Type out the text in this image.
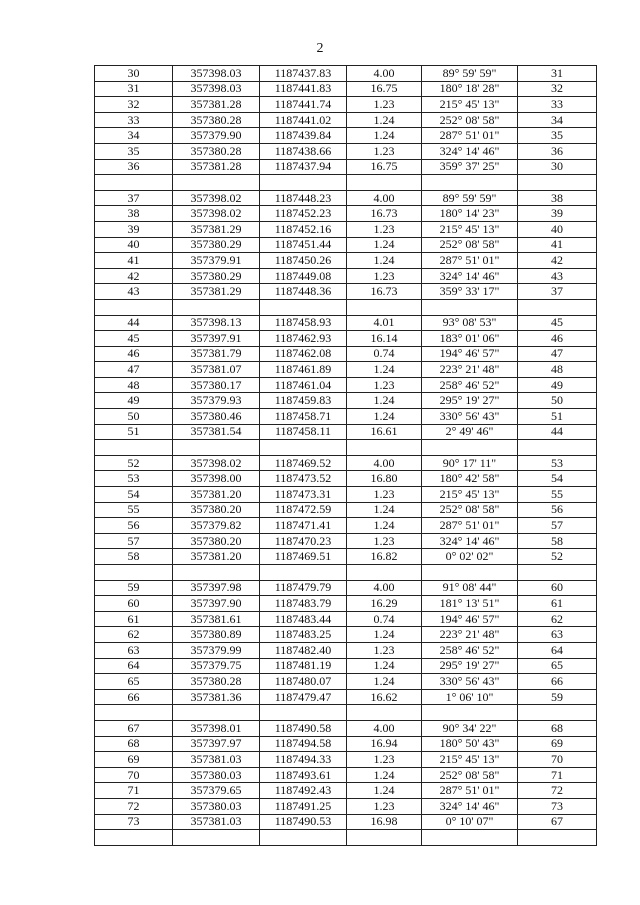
2
30	357398.03	1187437.83	4.00	89° 59' 59"	31
31	357398.03	1187441.83	16.75	180° 18' 28"	32
32	357381.28	1187441.74	1.23	215° 45' 13"	33
33	357380.28	1187441.02	1.24	252° 08' 58"	34
34	357379.90	1187439.84	1.24	287° 51' 01"	35
35	357380.28	1187438.66	1.23	324° 14' 46"	36
36	357381.28	1187437.94	16.75	359° 37' 25"	30

37	357398.02	1187448.23	4.00	89° 59' 59"	38
38	357398.02	1187452.23	16.73	180° 14' 23"	39
39	357381.29	1187452.16	1.23	215° 45' 13"	40
40	357380.29	1187451.44	1.24	252° 08' 58"	41
41	357379.91	1187450.26	1.24	287° 51' 01"	42
42	357380.29	1187449.08	1.23	324° 14' 46"	43
43	357381.29	1187448.36	16.73	359° 33' 17"	37

44	357398.13	1187458.93	4.01	93° 08' 53"	45
45	357397.91	1187462.93	16.14	183° 01' 06"	46
46	357381.79	1187462.08	0.74	194° 46' 57"	47
47	357381.07	1187461.89	1.24	223° 21' 48"	48
48	357380.17	1187461.04	1.23	258° 46' 52"	49
49	357379.93	1187459.83	1.24	295° 19' 27"	50
50	357380.46	1187458.71	1.24	330° 56' 43"	51
51	357381.54	1187458.11	16.61	2° 49' 46"	44

52	357398.02	1187469.52	4.00	90° 17' 11"	53
53	357398.00	1187473.52	16.80	180° 42' 58"	54
54	357381.20	1187473.31	1.23	215° 45' 13"	55
55	357380.20	1187472.59	1.24	252° 08' 58"	56
56	357379.82	1187471.41	1.24	287° 51' 01"	57
57	357380.20	1187470.23	1.23	324° 14' 46"	58
58	357381.20	1187469.51	16.82	0° 02' 02"	52

59	357397.98	1187479.79	4.00	91° 08' 44"	60
60	357397.90	1187483.79	16.29	181° 13' 51"	61
61	357381.61	1187483.44	0.74	194° 46' 57"	62
62	357380.89	1187483.25	1.24	223° 21' 48"	63
63	357379.99	1187482.40	1.23	258° 46' 52"	64
64	357379.75	1187481.19	1.24	295° 19' 27"	65
65	357380.28	1187480.07	1.24	330° 56' 43"	66
66	357381.36	1187479.47	16.62	1° 06' 10"	59

67	357398.01	1187490.58	4.00	90° 34' 22"	68
68	357397.97	1187494.58	16.94	180° 50' 43"	69
69	357381.03	1187494.33	1.23	215° 45' 13"	70
70	357380.03	1187493.61	1.24	252° 08' 58"	71
71	357379.65	1187492.43	1.24	287° 51' 01"	72
72	357380.03	1187491.25	1.23	324° 14' 46"	73
73	357381.03	1187490.53	16.98	0° 10' 07"	67
